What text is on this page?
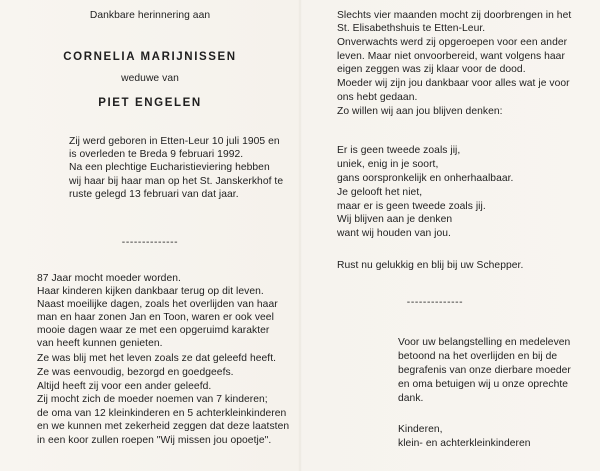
Dankbare herinnering aan
CORNELIA MARIJNISSEN
weduwe van
PIET ENGELEN
Zij werd geboren in Etten-Leur 10 juli 1905 en
is overleden te Breda 9 februari 1992.
Na een plechtige Eucharistieviering hebben
wij haar bij haar man op het St. Janskerkhof te
ruste gelegd 13 februari van dat jaar.
--------------
87 Jaar mocht moeder worden.
Haar kinderen kijken dankbaar terug op dit leven.
Naast moeilijke dagen, zoals het overlijden van haar
man en haar zonen Jan en Toon, waren er ook veel
mooie dagen waar ze met een opgeruimd karakter
van heeft kunnen genieten.
Ze was blij met het leven zoals ze dat geleefd heeft.
Ze was eenvoudig, bezorgd en goedgeefs.
Altijd heeft zij voor een ander geleefd.
Zij mocht zich de moeder noemen van 7 kinderen;
de oma van 12 kleinkinderen en 5 achterkleinkinderen
en we kunnen met zekerheid zeggen dat deze laatsten
in een koor zullen roepen "Wij missen jou opoetje".
Slechts vier maanden mocht zij doorbrengen in het
St. Elisabethshuis te Etten-Leur.
Onverwachts werd zij opgeroepen voor een ander
leven. Maar niet onvoorbereid, want volgens haar
eigen zeggen was zij klaar voor de dood.
Moeder wij zijn jou dankbaar voor alles wat je voor
ons hebt gedaan.
Zo willen wij aan jou blijven denken:
Er is geen tweede zoals jij,
uniek, enig in je soort,
gans oorspronkelijk en onherhaalbaar.
Je gelooft het niet,
maar er is geen tweede zoals jij.
Wij blijven aan je denken
want wij houden van jou.
Rust nu gelukkig en blij bij uw Schepper.
--------------
Voor uw belangstelling en medeleven
betoond na het overlijden en bij de
begrafenis van onze dierbare moeder
en oma betuigen wij u onze oprechte
dank.
Kinderen,
klein- en achterkleinkinderen
